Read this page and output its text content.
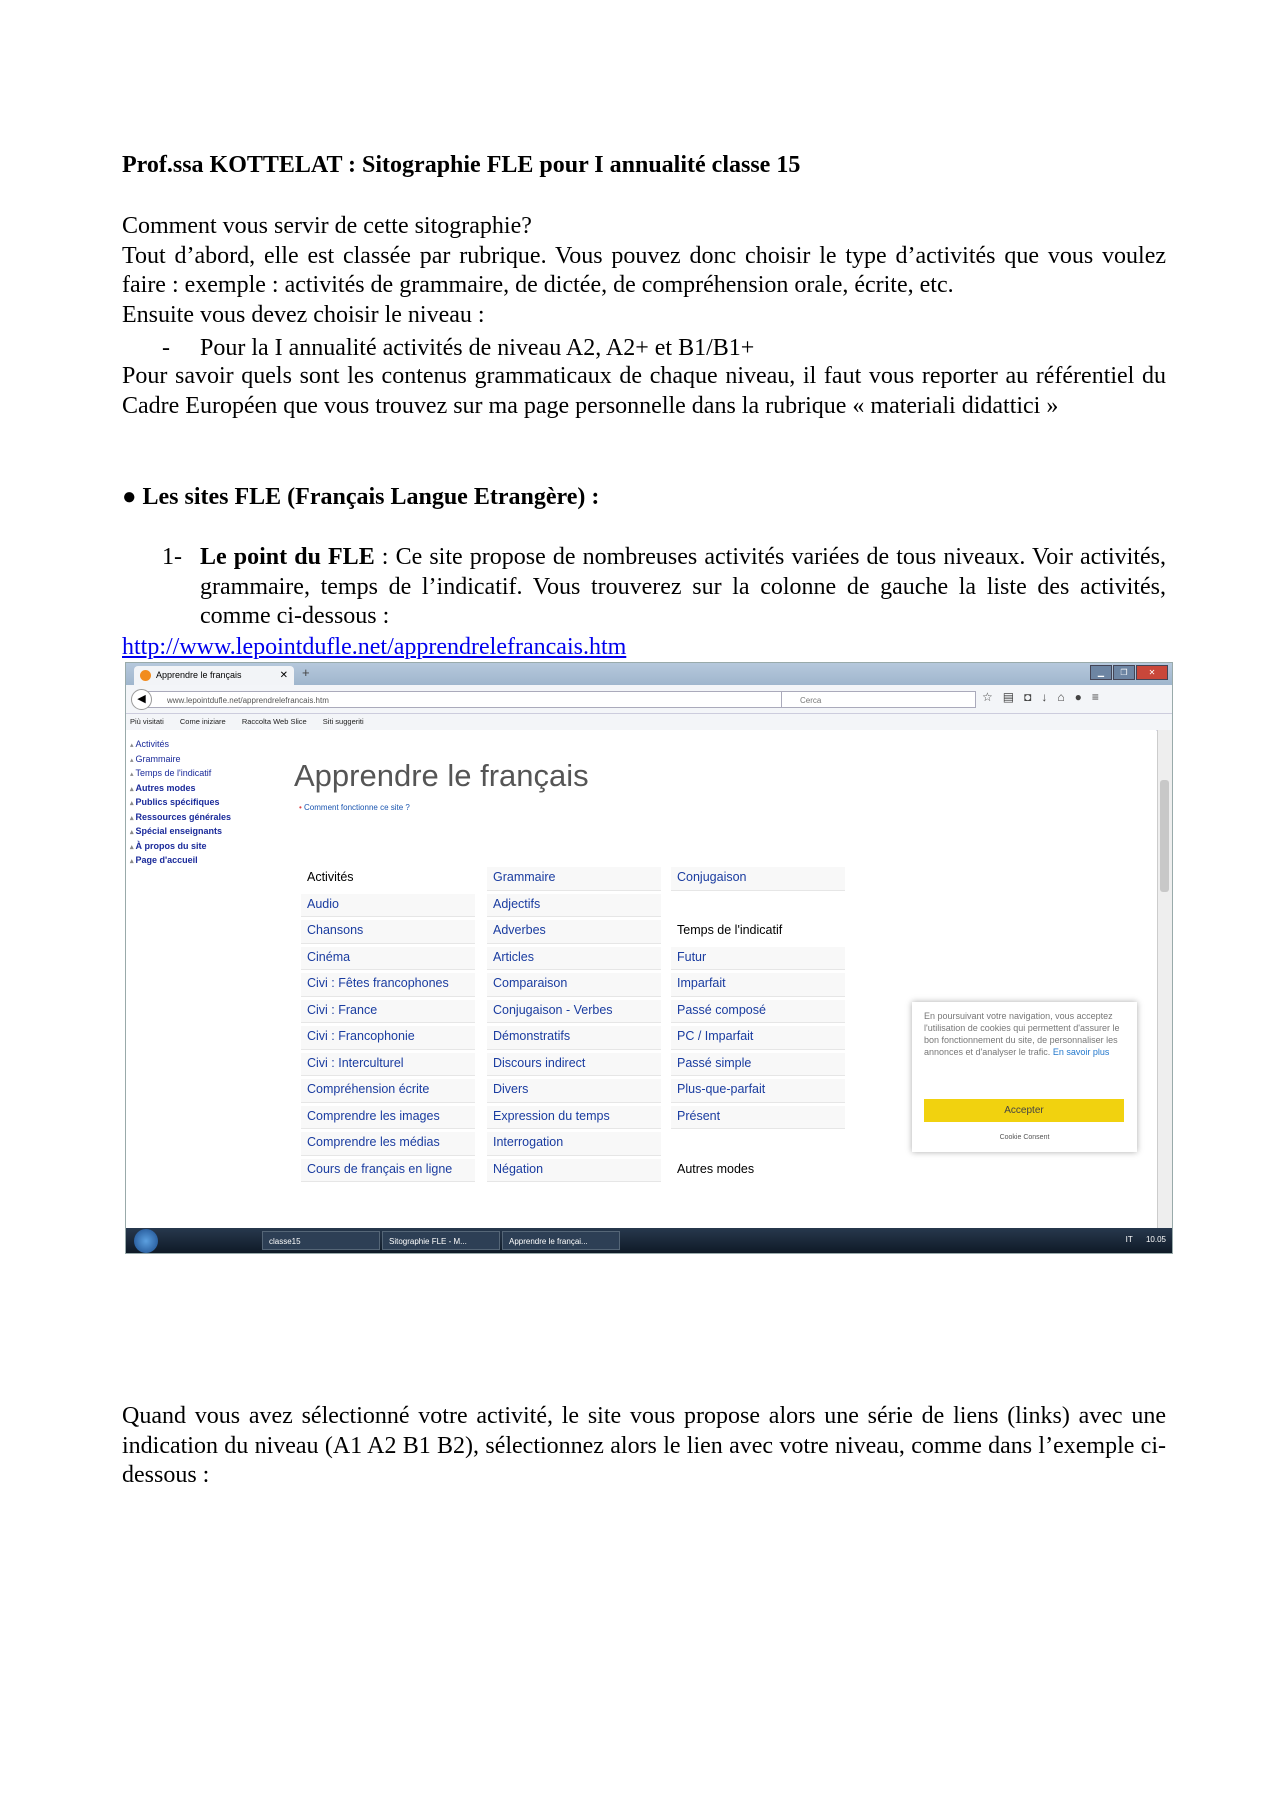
Prof.ssa KOTTELAT : Sitographie FLE pour I annualité classe 15

Comment vous servir de cette sitographie?

Tout d’abord, elle est classée par rubrique. Vous pouvez donc choisir le type d’activités que vous voulez faire : exemple : activités de grammaire, de dictée, de compréhension orale, écrite, etc.

Ensuite vous devez choisir le niveau :

- Pour la I annualité activités de niveau A2, A2+ et B1/B1+

Pour savoir quels sont les contenus grammaticaux de chaque niveau, il faut vous reporter au référentiel du Cadre Européen que vous trouvez sur ma page personnelle dans la rubrique « materiali didattici »

● Les sites FLE (Français Langue Etrangère) :
1- Le point du FLE : Ce site propose de nombreuses activités variées de tous niveaux. Voir activités, grammaire, temps de l’indicatif. Vous trouverez sur la colonne de gauche la liste des activités, comme ci-dessous :
http://www.lepointdufle.net/apprendrelefrancais.htm

Quand vous avez sélectionné votre activité, le site vous propose alors une série de liens (links) avec une indication du niveau (A1 A2 B1 B2), sélectionnez alors le lien avec votre niveau, comme dans l’exemple ci-dessous :

Apprendre le français	✕ +	▁	❐	✕
www.lepointdufle.net/apprendrelefrancais.htm
◀	Cerca	☆ ▤ ◘ ↓ ⌂ ● ≡
Più visitati Come iniziare Raccolta Web Slice Siti suggeriti
▴ Activités
▴ Grammaire
▴ Temps de l'indicatif
▴ Autres modes
▴ Publics spécifiques
▴ Ressources générales
▴ Spécial enseignants
▴ À propos du site
▴ Page d'accueil
Apprendre le français
• Comment fonctionne ce site ?
Activités
Audio
Chansons
Cinéma
Civi : Fêtes francophones
Civi : France
Civi : Francophonie
Civi : Interculturel
Compréhension écrite
Comprendre les images
Comprendre les médias
Cours de français en ligne
Grammaire
Adjectifs
Adverbes
Articles
Comparaison
Conjugaison - Verbes
Démonstratifs
Discours indirect
Divers
Expression du temps
Interrogation
Négation
Conjugaison
Temps de l'indicatif
Futur
Imparfait
Passé composé
PC / Imparfait
Passé simple
Plus-que-parfait
Présent
Autres modes
En poursuivant votre navigation, vous acceptez l'utilisation de cookies qui permettent d'assurer le bon fonctionnement du site, de personnaliser les annonces et d'analyser le trafic. En savoir plus
Accepter
Cookie Consent
classe15	Sitographie FLE - M...	Apprendre le françai...	IT 10.05
